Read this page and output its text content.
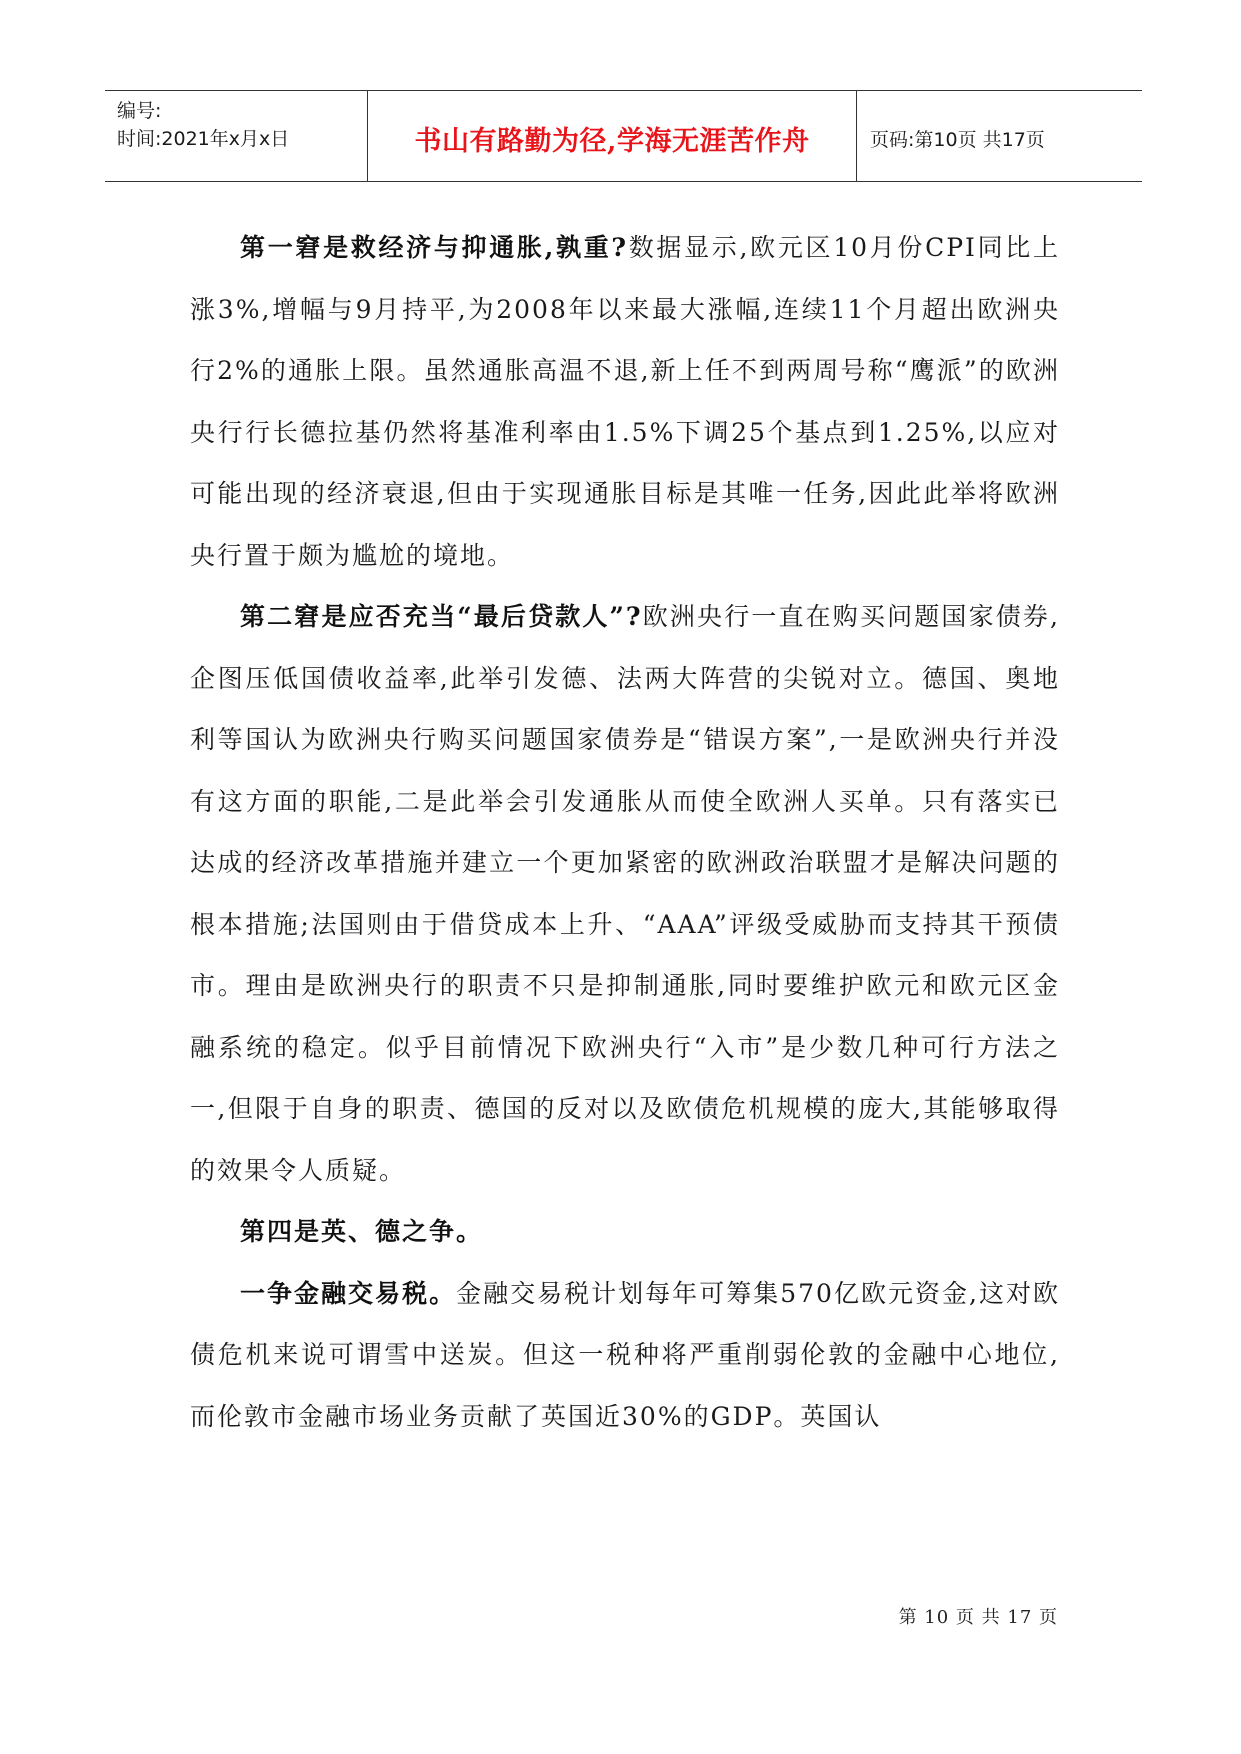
编号:
时间:2021年x月x日	书山有路勤为径,学海无涯苦作舟	页码:第10页 共17页

第一窘是救经济与抑通胀,孰重?数据显示,欧元区10月份CPI同比上涨3%,增幅与9月持平,为2008年以来最大涨幅,连续11个月超出欧洲央行2%的通胀上限。虽然通胀高温不退,新上任不到两周号称“鹰派”的欧洲央行行长德拉基仍然将基准利率由1.5%下调25个基点到1.25%,以应对可能出现的经济衰退,但由于实现通胀目标是其唯一任务,因此此举将欧洲央行置于颇为尴尬的境地。

第二窘是应否充当“最后贷款人”?欧洲央行一直在购买问题国家债券,企图压低国债收益率,此举引发德、法两大阵营的尖锐对立。德国、奥地利等国认为欧洲央行购买问题国家债券是“错误方案”,一是欧洲央行并没有这方面的职能,二是此举会引发通胀从而使全欧洲人买单。只有落实已达成的经济改革措施并建立一个更加紧密的欧洲政治联盟才是解决问题的根本措施;法国则由于借贷成本上升、“AAA”评级受威胁而支持其干预债市。理由是欧洲央行的职责不只是抑制通胀,同时要维护欧元和欧元区金融系统的稳定。似乎目前情况下欧洲央行“入市”是少数几种可行方法之一,但限于自身的职责、德国的反对以及欧债危机规模的庞大,其能够取得的效果令人质疑。

第四是英、德之争。

一争金融交易税。金融交易税计划每年可筹集570亿欧元资金,这对欧债危机来说可谓雪中送炭。但这一税种将严重削弱伦敦的金融中心地位,而伦敦市金融市场业务贡献了英国近30%的GDP。英国认

第 10 页 共 17 页
